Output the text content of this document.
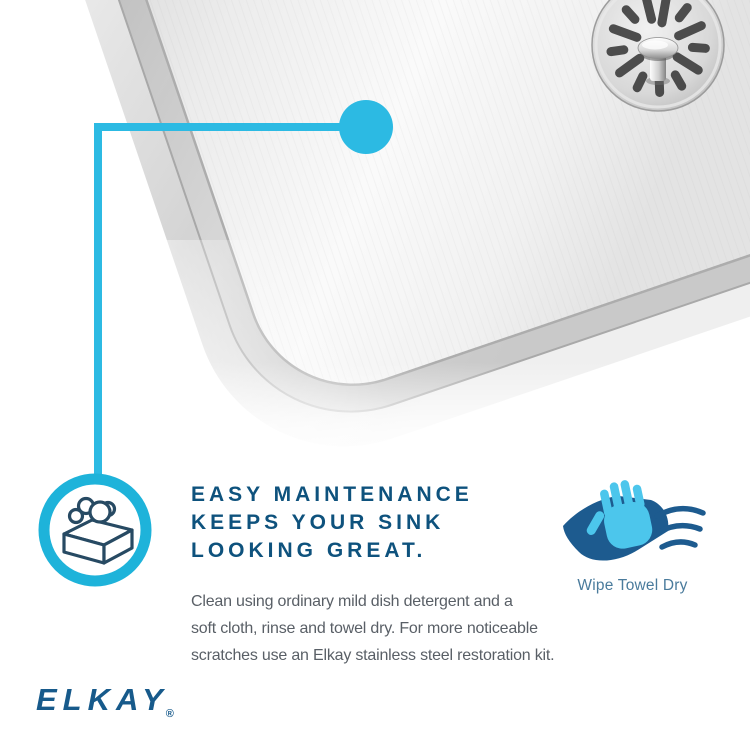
EASY MAINTENANCE
KEEPS YOUR SINK
LOOKING GREAT.
Clean using ordinary mild dish detergent and a
soft cloth, rinse and towel dry. For more noticeable
scratches use an Elkay stainless steel restoration kit.
Wipe Towel Dry
$ELKAY_®$
